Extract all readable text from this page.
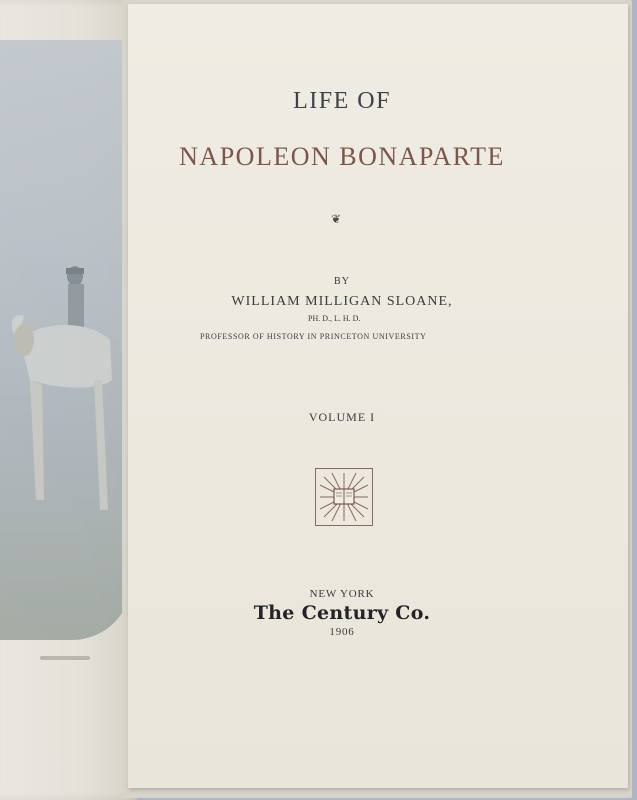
LIFE OF
NAPOLEON BONAPARTE
❦
BY
WILLIAM MILLIGAN SLOANE,
PH. D., L. H. D.
PROFESSOR OF HISTORY IN PRINCETON UNIVERSITY
VOLUME I
NEW YORK
The Century Co.
1906
